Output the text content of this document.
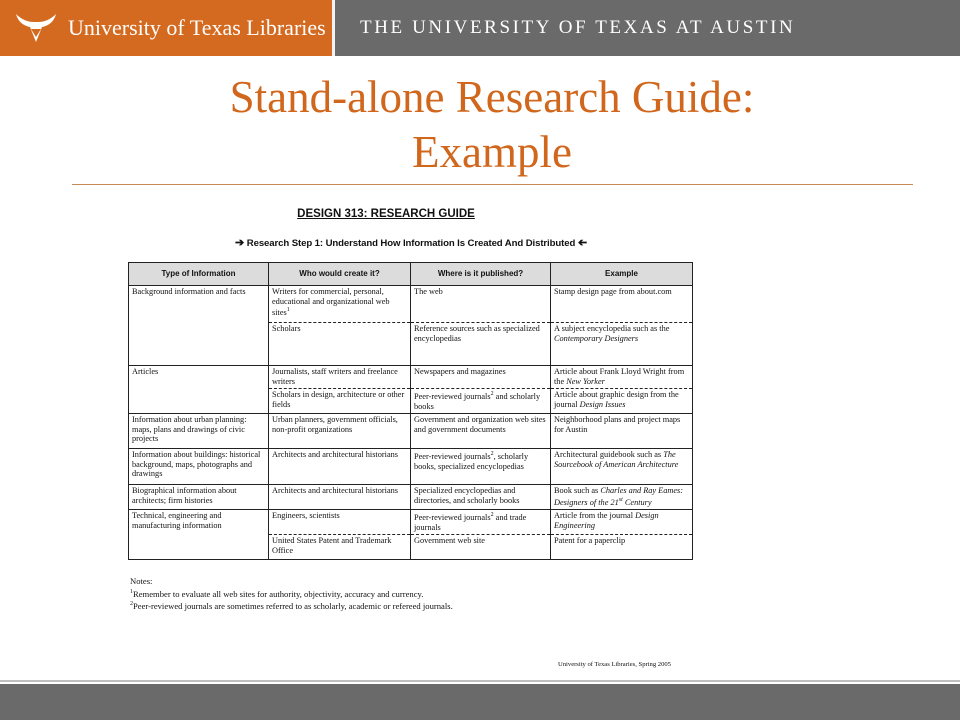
University of Texas Libraries THE UNIVERSITY OF TEXAS AT AUSTIN
Stand-alone Research Guide:
Example
DESIGN 313: RESEARCH GUIDE
➔ Research Step 1: Understand How Information Is Created And Distributed ➔
Type of Information	Who would create it?	Where is it published?	Example
Background information and facts	Writers for commercial, personal, educational and organizational web sites$^1$	The web	Stamp design page from about.com
	Scholars	Reference sources such as specialized encyclopedias	A subject encyclopedia such as the Contemporary Designers
Articles	Journalists, staff writers and freelance writers	Newspapers and magazines	Article about Frank Lloyd Wright from the New Yorker
	Scholars in design, architecture or other fields	Peer-reviewed journals$^2$ and scholarly books	Article about graphic design from the journal Design Issues
Information about urban planning: maps, plans and drawings of civic projects	Urban planners, government officials, non-profit organizations	Government and organization web sites and government documents	Neighborhood plans and project maps for Austin
Information about buildings: historical background, maps, photographs and drawings	Architects and architectural historians	Peer-reviewed journals$^2$, scholarly books, specialized encyclopedias	Architectural guidebook such as The Sourcebook of American Architecture
Biographical information about architects; firm histories	Architects and architectural historians	Specialized encyclopedias and directories, and scholarly books	Book such as Charles and Ray Eames: Designers of the 21st Century
Technical, engineering and manufacturing information	Engineers, scientists	Peer-reviewed journals$^2$ and trade journals	Article from the journal Design Engineering
	United States Patent and Trademark Office	Government web site	Patent for a paperclip
Notes:
$^1$Remember to evaluate all web sites for authority, objectivity, accuracy and currency.
$^2$Peer-reviewed journals are sometimes referred to as scholarly, academic or refereed journals.
University of Texas Libraries, Spring 2005
